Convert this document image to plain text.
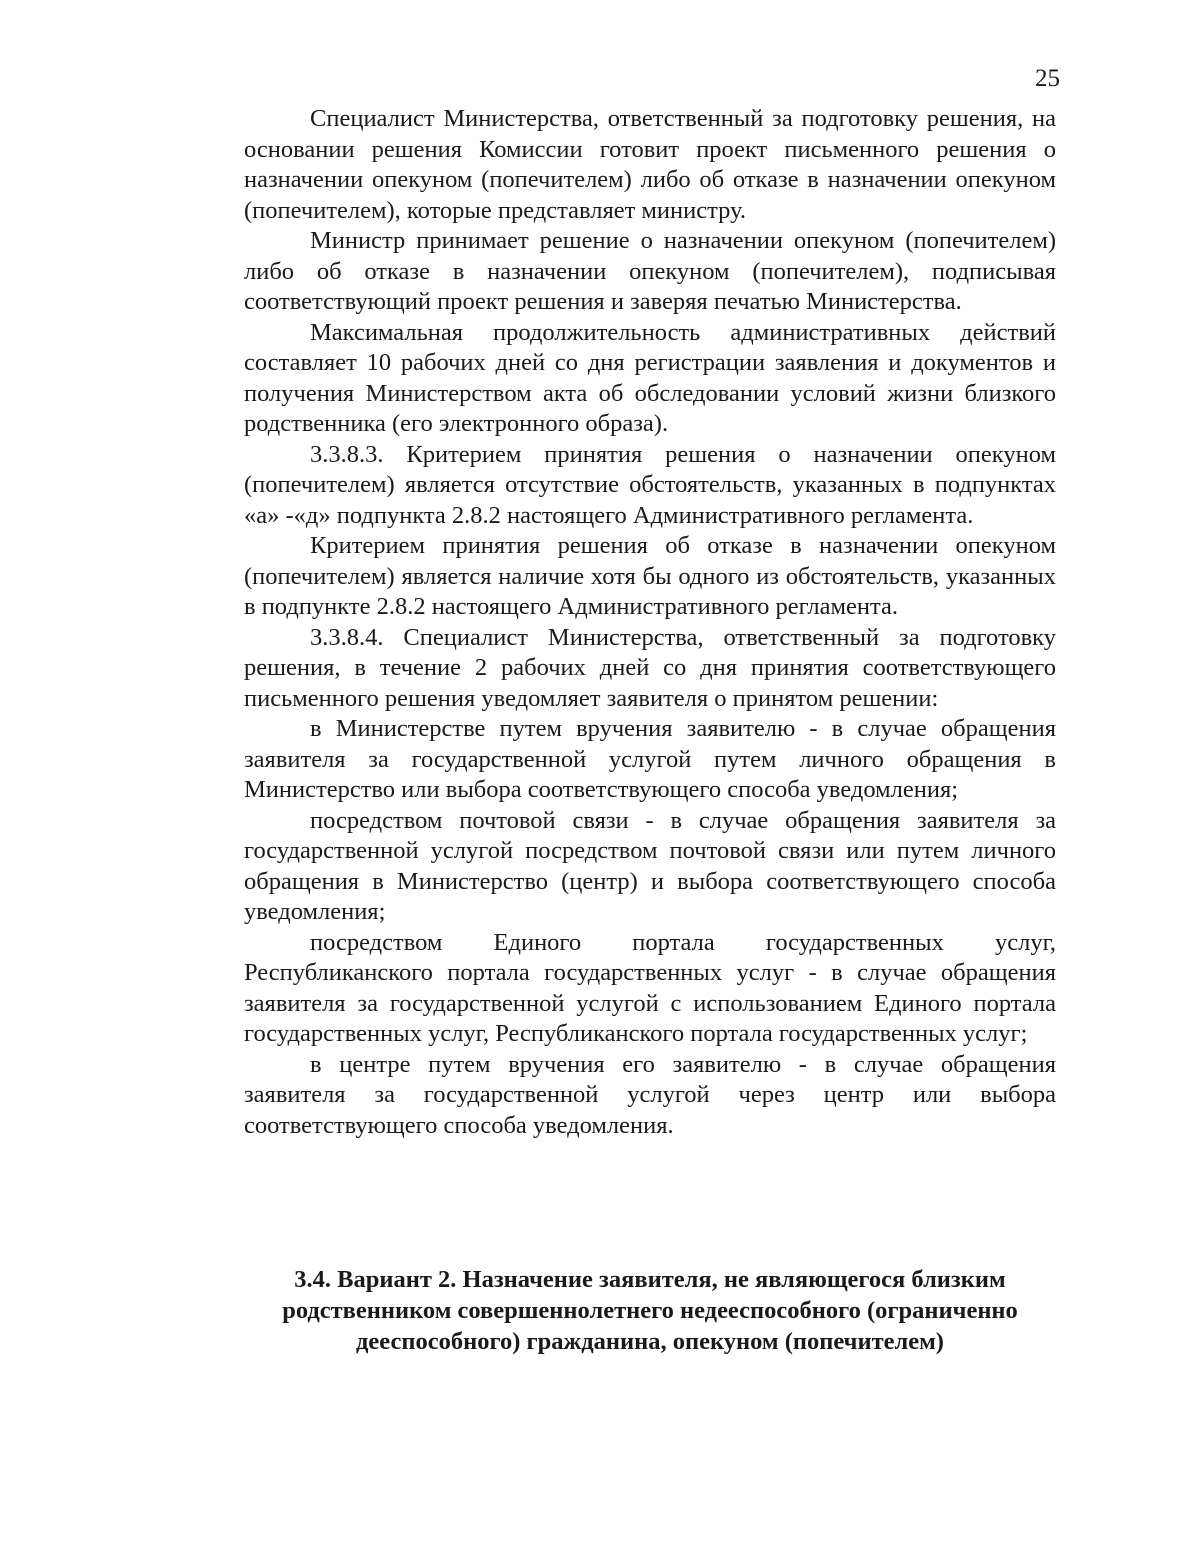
25

Специалист Министерства, ответственный за подготовку решения, на основании решения Комиссии готовит проект письменного решения о назначении опекуном (попечителем) либо об отказе в назначении опекуном (попечителем), которые представляет министру.

Министр принимает решение о назначении опекуном (попечителем) либо об отказе в назначении опекуном (попечителем), подписывая соответствующий проект решения и заверяя печатью Министерства.

Максимальная продолжительность административных действий составляет 10 рабочих дней со дня регистрации заявления и документов и получения Министерством акта об обследовании условий жизни близкого родственника (его электронного образа).

3.3.8.3. Критерием принятия решения о назначении опекуном (попечителем) является отсутствие обстоятельств, указанных в подпунктах «а» -«д» подпункта 2.8.2 настоящего Административного регламента.

Критерием принятия решения об отказе в назначении опекуном (попечителем) является наличие хотя бы одного из обстоятельств, указанных в подпункте 2.8.2 настоящего Административного регламента.

3.3.8.4. Специалист Министерства, ответственный за подготовку решения, в течение 2 рабочих дней со дня принятия соответствующего письменного решения уведомляет заявителя о принятом решении:

в Министерстве путем вручения заявителю - в случае обращения заявителя за государственной услугой путем личного обращения в Министерство или выбора соответствующего способа уведомления;

посредством почтовой связи - в случае обращения заявителя за государственной услугой посредством почтовой связи или путем личного обращения в Министерство (центр) и выбора соответствующего способа уведомления;

посредством Единого портала государственных услуг, Республиканского портала государственных услуг - в случае обращения заявителя за государственной услугой с использованием Единого портала государственных услуг, Республиканского портала государственных услуг;

в центре путем вручения его заявителю - в случае обращения заявителя за государственной услугой через центр или выбора соответствующего способа уведомления.

3.4. Вариант 2. Назначение заявителя, не являющегося близким родственником совершеннолетнего недееспособного (ограниченно дееспособного) гражданина, опекуном (попечителем)
